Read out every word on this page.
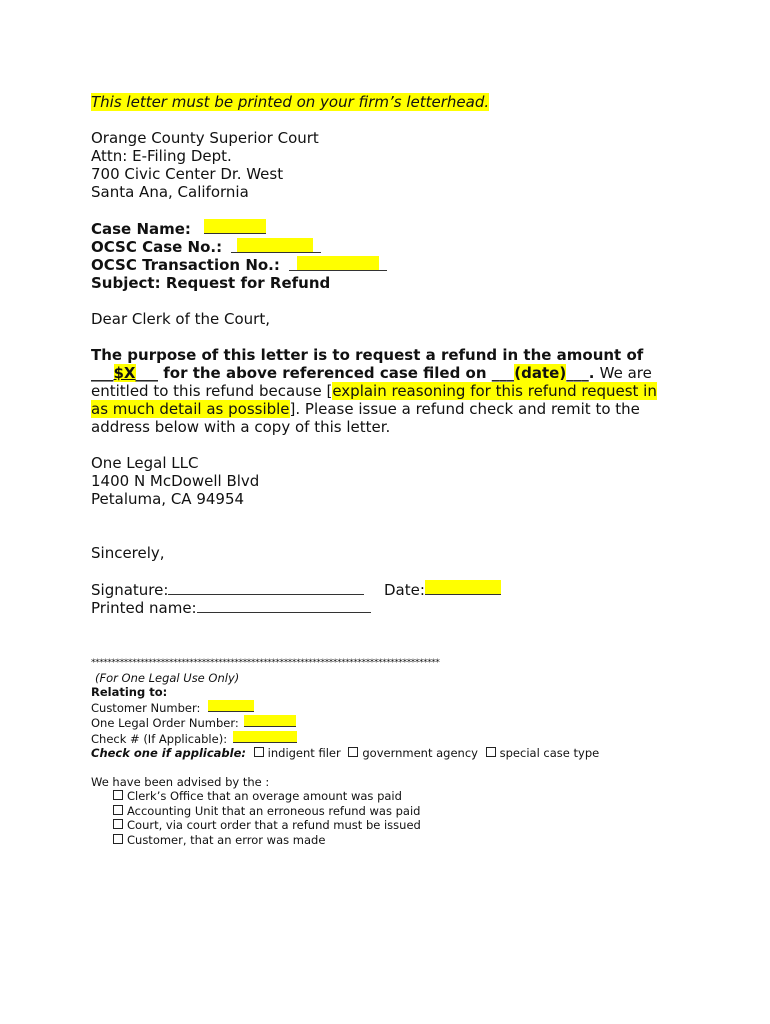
This letter must be printed on your firm’s letterhead.
Orange County Superior Court
Attn: E-Filing Dept.
700 Civic Center Dr. West
Santa Ana, California
Case Name:
OCSC Case No.:
OCSC Transaction No.:
Subject: Request for Refund
Dear Clerk of the Court,
The purpose of this letter is to request a refund in the amount of
___$X___ for the above referenced case filed on ___(date)___. We are
entitled to this refund because [explain reasoning for this refund request in
as much detail as possible]. Please issue a refund check and remit to the
address below with a copy of this letter.
One Legal LLC
1400 N McDowell Blvd
Petaluma, CA 94954
Sincerely,
Signature:	Date:
Printed name:
*************************************************************************************
(For One Legal Use Only)
Relating to:
Customer Number:
One Legal Order Number:
Check # (If Applicable):
Check one if applicable: indigent filer government agency special case type
We have been advised by the :
Clerk’s Office that an overage amount was paid
Accounting Unit that an erroneous refund was paid
Court, via court order that a refund must be issued
Customer, that an error was made
